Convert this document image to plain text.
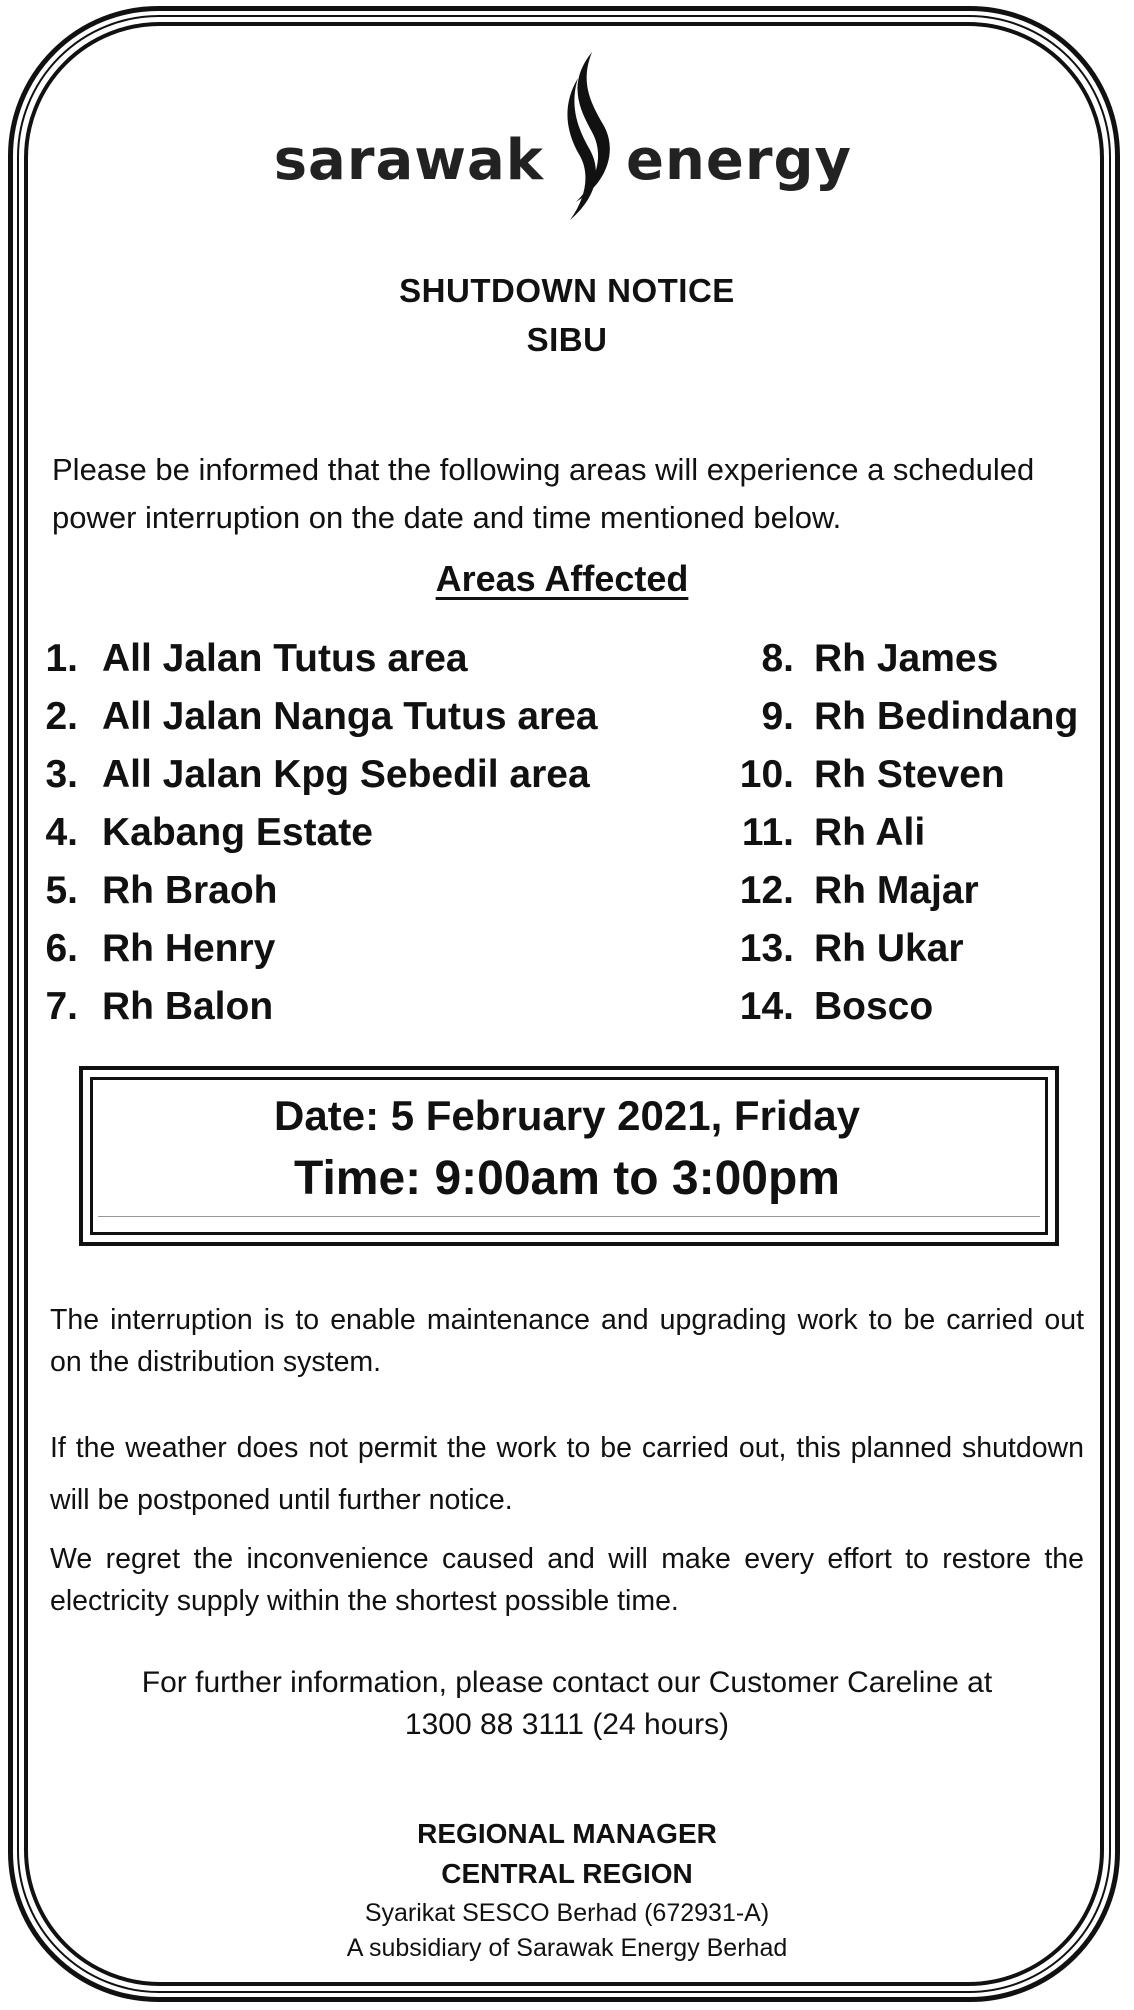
sarawak energy
SHUTDOWN NOTICE
SIBU
Please be informed that the following areas will experience a scheduled power interruption on the date and time mentioned below.
Areas Affected
1. All Jalan Tutus area
2. All Jalan Nanga Tutus area
3. All Jalan Kpg Sebedil area
4. Kabang Estate
5. Rh Braoh
6. Rh Henry
7. Rh Balon
8. Rh James
9. Rh Bedindang
10. Rh Steven
11. Rh Ali
12. Rh Majar
13. Rh Ukar
14. Bosco
Date: 5 February 2021, Friday
Time: 9:00am to 3:00pm
The interruption is to enable maintenance and upgrading work to be carried out on the distribution system.
If the weather does not permit the work to be carried out, this planned shutdown will be postponed until further notice.
We regret the inconvenience caused and will make every effort to restore the electricity supply within the shortest possible time.
For further information, please contact our Customer Careline at
1300 88 3111 (24 hours)
REGIONAL MANAGER
CENTRAL REGION
Syarikat SESCO Berhad (672931-A)
A subsidiary of Sarawak Energy Berhad
